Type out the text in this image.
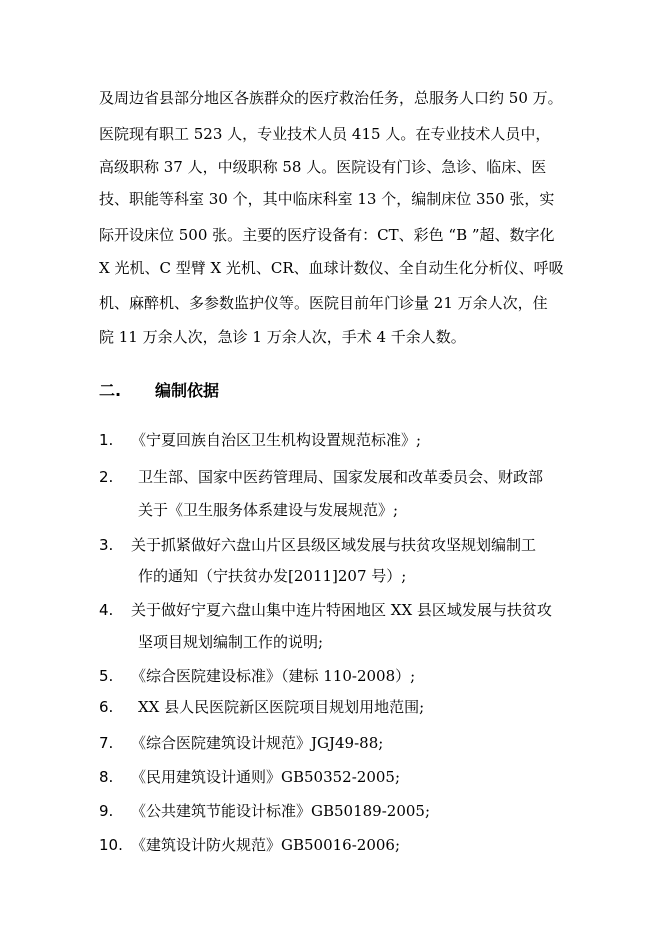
及周边省县部分地区各族群众的医疗救治任务，总服务人口约 50 万。
医院现有职工 523 人，专业技术人员 415 人。在专业技术人员中，
高级职称 37 人，中级职称 58 人。医院设有门诊、急诊、临床、医
技、职能等科室 30 个，其中临床科室 13 个，编制床位 350 张，实
际开设床位 500 张。主要的医疗设备有：CT、彩色 “B ”超、数字化
X 光机、C 型臂 X 光机、CR、血球计数仪、全自动生化分析仪、呼吸
机、麻醉机、多参数监护仪等。医院目前年门诊量 21 万余人次，住
院 11 万余人次，急诊 1 万余人次，手术 4 千余人数。
二. 编制依据
1. 《宁夏回族自治区卫生机构设置规范标准》;
2. 卫生部、国家中医药管理局、国家发展和改革委员会、财政部
关于《卫生服务体系建设与发展规范》;
3. 关于抓紧做好六盘山片区县级区域发展与扶贫攻坚规划编制工
作的通知（宁扶贫办发[2011]207 号）;
4. 关于做好宁夏六盘山集中连片特困地区 XX 县区域发展与扶贫攻
坚项目规划编制工作的说明;
5. 《综合医院建设标准》（建标 110-2008）;
6. XX 县人民医院新区医院项目规划用地范围;
7. 《综合医院建筑设计规范》JGJ49-88;
8. 《民用建筑设计通则》GB50352-2005;
9. 《公共建筑节能设计标准》GB50189-2005;
10. 《建筑设计防火规范》GB50016-2006;
